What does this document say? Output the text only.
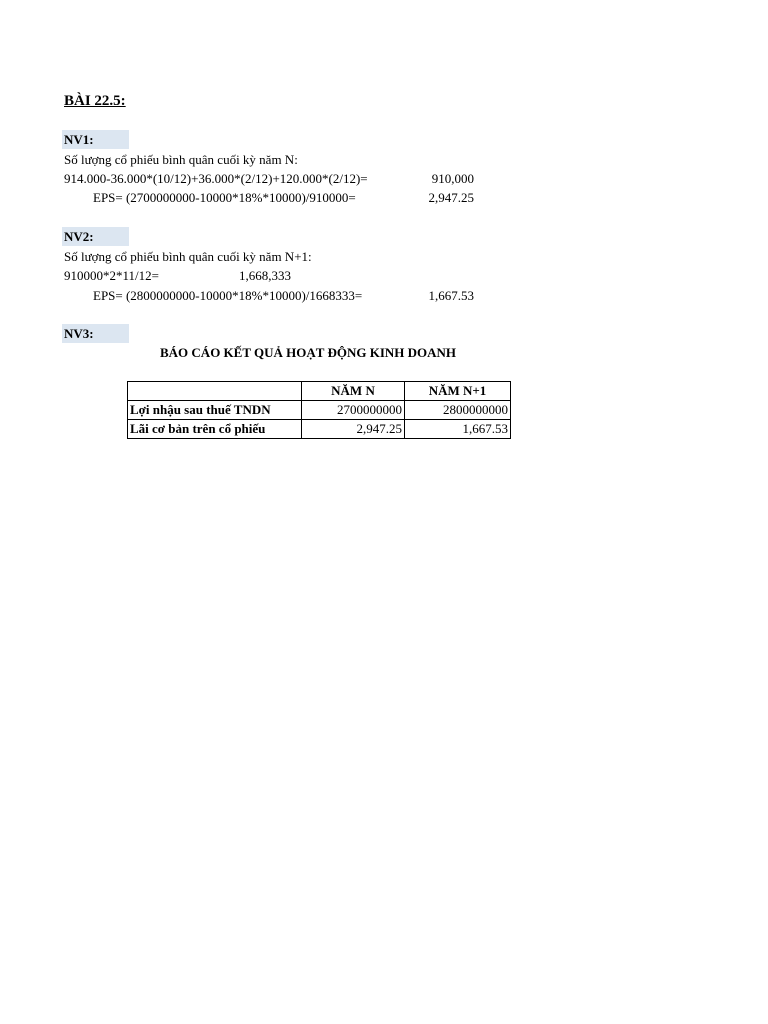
BÀI 22.5:
NV1:
Số lượng cổ phiếu bình quân cuối kỳ năm N:
914.000-36.000*(10/12)+36.000*(2/12)+120.000*(2/12)=	910,000
EPS= (2700000000-10000*18%*10000)/910000=	2,947.25
NV2:
Số lượng cổ phiếu bình quân cuối kỳ năm N+1:
910000*2*11/12=	1,668,333
EPS= (2800000000-10000*18%*10000)/1668333=	1,667.53
NV3:
BÁO CÁO KẾT QUẢ HOẠT ĐỘNG KINH DOANH
	NĂM N	NĂM N+1
Lợi nhậu sau thuế TNDN	2700000000	2800000000
Lãi cơ bản trên cổ phiếu	2,947.25	1,667.53
